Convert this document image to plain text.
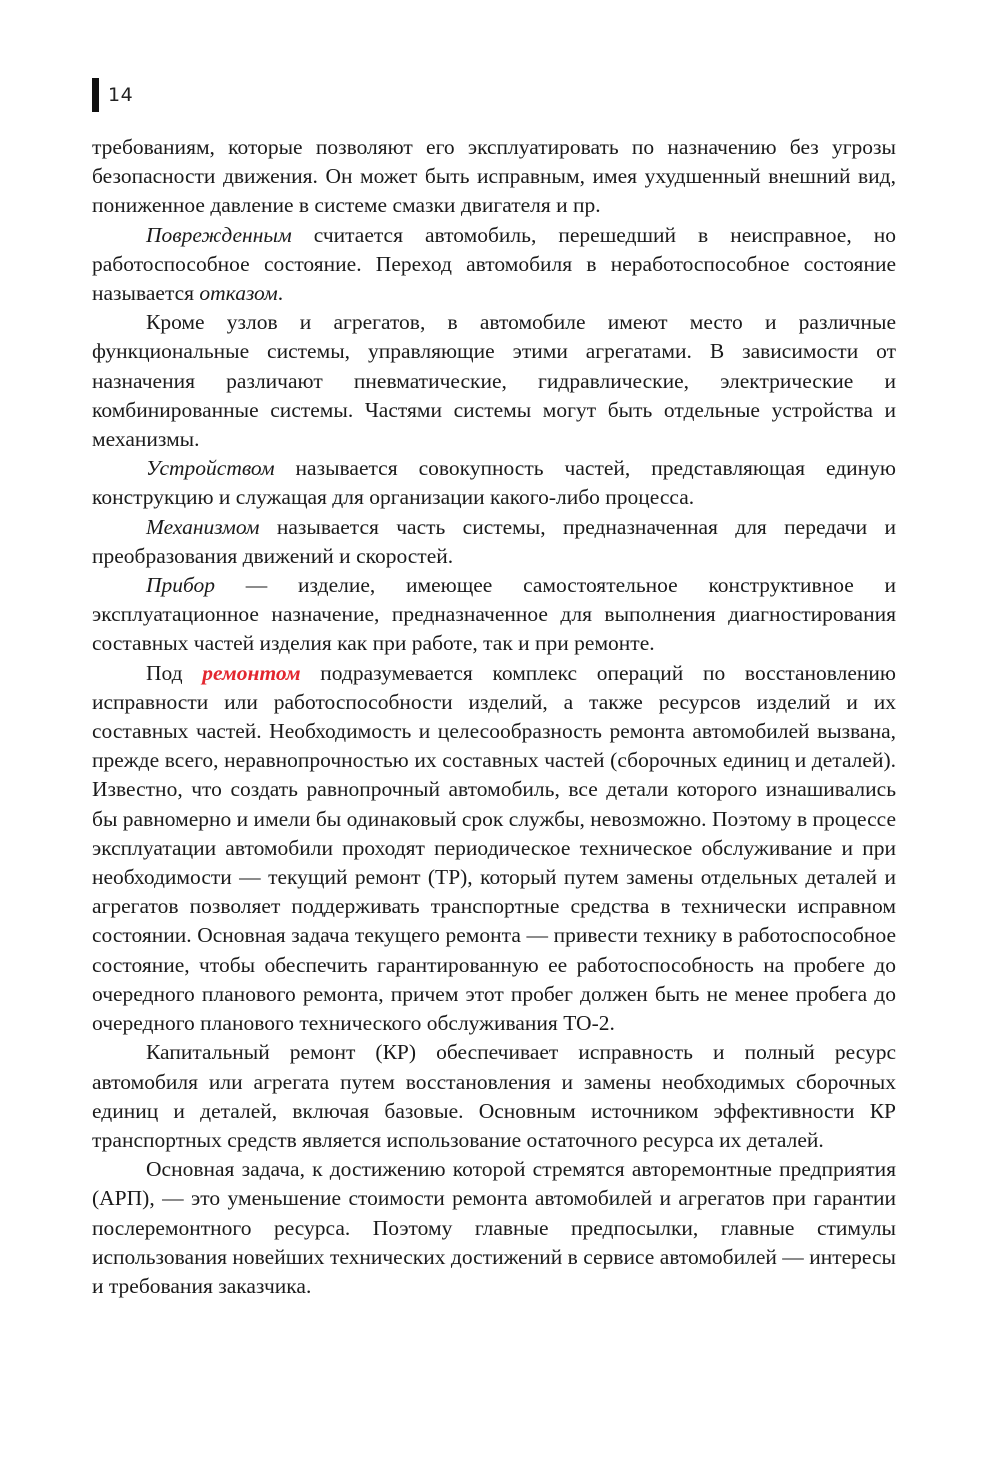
14

требованиям, которые позволяют его эксплуатировать по назначению без угрозы безопасности движения. Он может быть исправным, имея ухудшенный внешний вид, пониженное давление в системе смазки двигателя и пр.

Поврежденным считается автомобиль, перешедший в неисправное, но работоспособное состояние. Переход автомобиля в неработоспособное состояние называется отказом.

Кроме узлов и агрегатов, в автомобиле имеют место и различные функциональные системы, управляющие этими агрегатами. В зависимости от назначения различают пневматические, гидравлические, электрические и комбинированные системы. Частями системы могут быть отдельные устройства и механизмы.

Устройством называется совокупность частей, представляющая единую конструкцию и служащая для организации какого-либо процесса.

Механизмом называется часть системы, предназначенная для передачи и преобразования движений и скоростей.

Прибор — изделие, имеющее самостоятельное конструктивное и эксплуатационное назначение, предназначенное для выполнения диагностирования составных частей изделия как при работе, так и при ремонте.

Под ремонтом подразумевается комплекс операций по восстановлению исправности или работоспособности изделий, а также ресурсов изделий и их составных частей. Необходимость и целесообразность ремонта автомобилей вызвана, прежде всего, неравнопрочностью их составных частей (сборочных единиц и деталей). Известно, что создать равнопрочный автомобиль, все детали которого изнашивались бы равномерно и имели бы одинаковый срок службы, невозможно. Поэтому в процессе эксплуатации автомобили проходят периодическое техническое обслуживание и при необходимости — текущий ремонт (ТР), который путем замены отдельных деталей и агрегатов позволяет поддерживать транспортные средства в технически исправном состоянии. Основная задача текущего ремонта — привести технику в работоспособное состояние, чтобы обеспечить гарантированную ее работоспособность на пробеге до очередного планового ремонта, причем этот пробег должен быть не менее пробега до очередного планового технического обслуживания ТО-2.

Капитальный ремонт (КР) обеспечивает исправность и полный ресурс автомобиля или агрегата путем восстановления и замены необходимых сборочных единиц и деталей, включая базовые. Основным источником эффективности КР транспортных средств является использование остаточного ресурса их деталей.

Основная задача, к достижению которой стремятся авторемонтные предприятия (АРП), — это уменьшение стоимости ремонта автомобилей и агрегатов при гарантии послеремонтного ресурса. Поэтому главные предпосылки, главные стимулы использования новейших технических достижений в сервисе автомобилей — интересы и требования заказчика.
